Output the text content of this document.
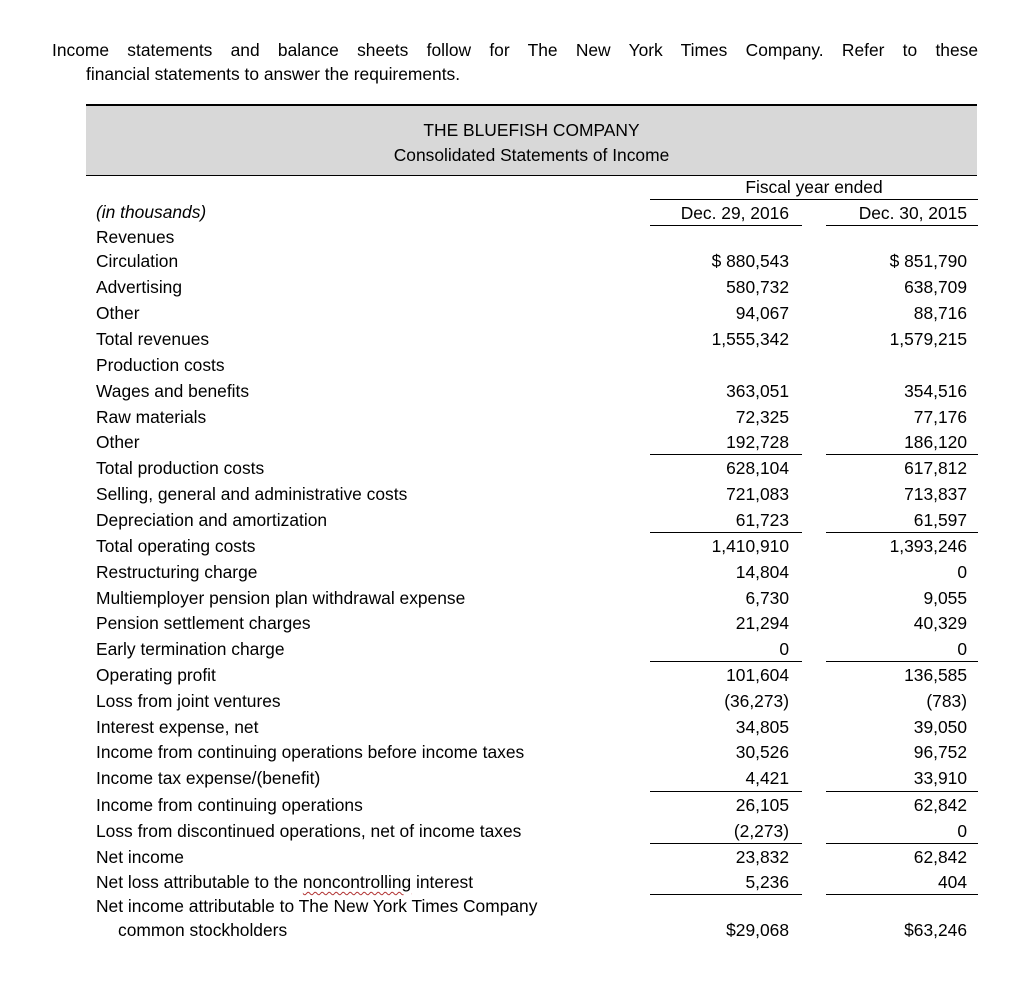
Income statements and balance sheets follow for The New York Times Company. Refer to these
financial statements to answer the requirements.
THE BLUEFISH COMPANY
Consolidated Statements of Income
Fiscal year ended
(in thousands)	Dec. 29, 2016	Dec. 30, 2015
Revenues
Circulation	$ 880,543	$ 851,790
Advertising	580,732	638,709
Other	94,067	88,716
Total revenues	1,555,342	1,579,215
Production costs
Wages and benefits	363,051	354,516
Raw materials	72,325	77,176
Other	192,728	186,120
Total production costs	628,104	617,812
Selling, general and administrative costs	721,083	713,837
Depreciation and amortization	61,723	61,597
Total operating costs	1,410,910	1,393,246
Restructuring charge	14,804	0
Multiemployer pension plan withdrawal expense	6,730	9,055
Pension settlement charges	21,294	40,329
Early termination charge	0	0
Operating profit	101,604	136,585
Loss from joint ventures	(36,273)	(783)
Interest expense, net	34,805	39,050
Income from continuing operations before income taxes	30,526	96,752
Income tax expense/(benefit)	4,421	33,910
Income from continuing operations	26,105	62,842
Loss from discontinued operations, net of income taxes	(2,273)	0
Net income	23,832	62,842
Net loss attributable to the noncontrolling interest	5,236	404
Net income attributable to The New York Times Company
common stockholders	$29,068	$63,246
